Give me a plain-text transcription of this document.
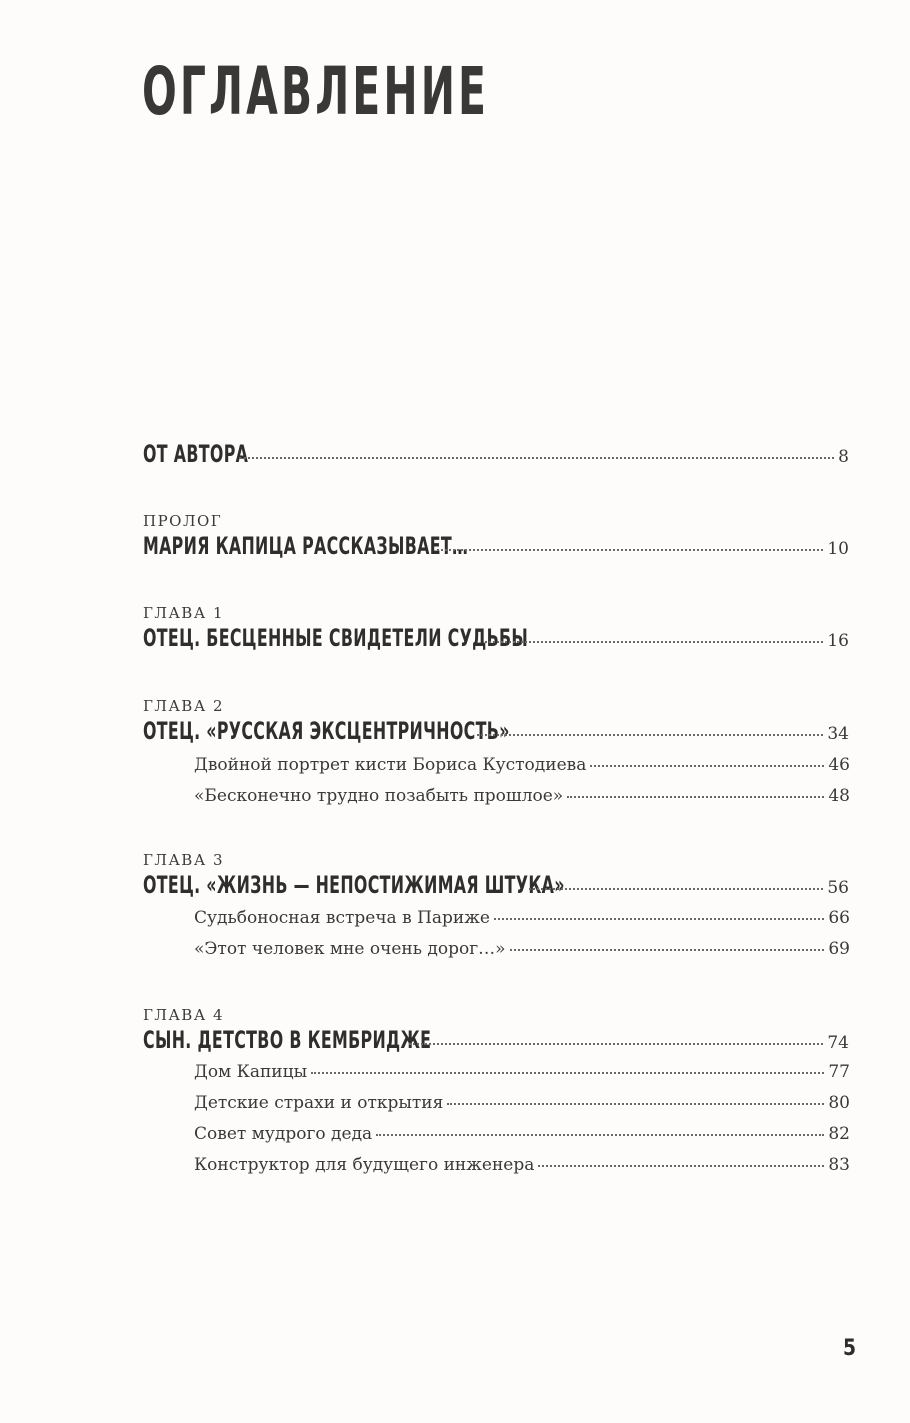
ОГЛАВЛЕНИЕ
ОТ АВТОРА	8
ПРОЛОГ
МАРИЯ КАПИЦА РАССКАЗЫВАЕТ…	10
ГЛАВА 1
ОТЕЦ. БЕСЦЕННЫЕ СВИДЕТЕЛИ СУДЬБЫ	16
ГЛАВА 2
ОТЕЦ. «РУССКАЯ ЭКСЦЕНТРИЧНОСТЬ»	34
Двойной портрет кисти Бориса Кустодиева	46
«Бесконечно трудно позабыть прошлое»	48
ГЛАВА 3
ОТЕЦ. «ЖИЗНЬ — НЕПОСТИЖИМАЯ ШТУКА»	56
Судьбоносная встреча в Париже	66
«Этот человек мне очень дорог…»	69
ГЛАВА 4
СЫН. ДЕТСТВО В КЕМБРИДЖЕ	74
Дом Капицы	77
Детские страхи и открытия	80
Совет мудрого деда	82
Конструктор для будущего инженера	83
5
